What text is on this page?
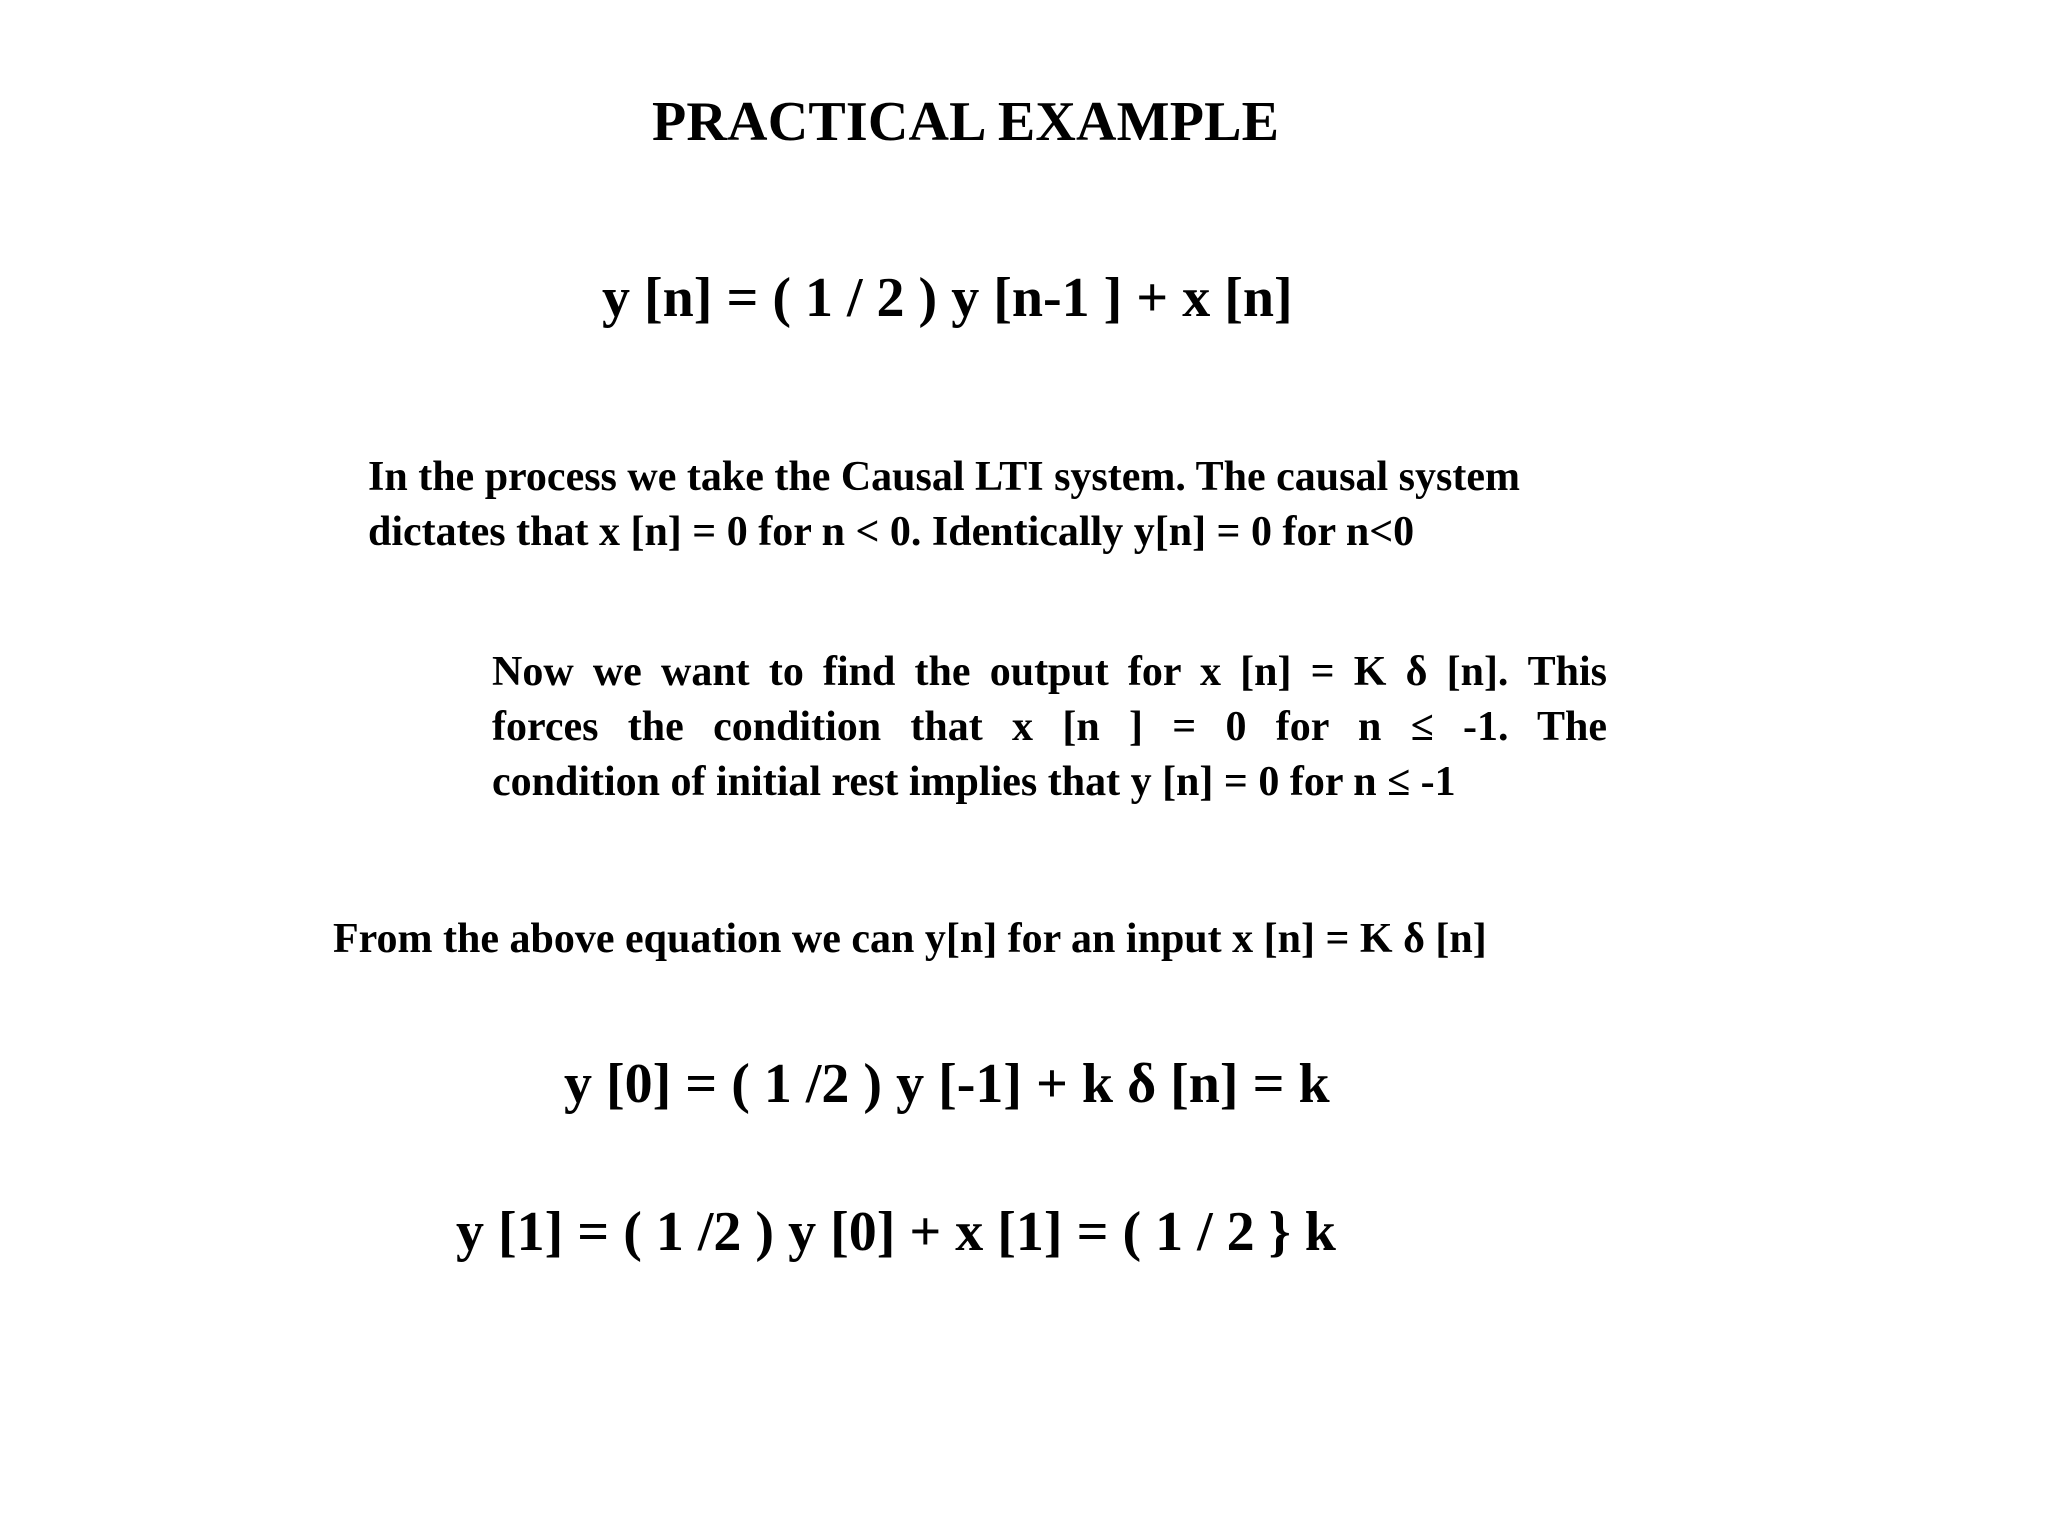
PRACTICAL EXAMPLE
y [n] = ( 1 / 2 ) y [n-1 ] + x [n]
In the process we take the Causal LTI system. The causal system
dictates that x [n] = 0 for n < 0. Identically y[n] = 0 for n<0
Now we want to find the output for x [n] = K δ [n]. This
forces the condition that x [n ] = 0 for n ≤ -1. The
condition of initial rest implies that y [n] = 0 for n ≤ -1
From the above equation we can y[n] for an input x [n] = K δ [n]
y [0] = ( 1 /2 ) y [-1] + k δ [n] = k
y [1] = ( 1 /2 ) y [0] + x [1] = ( 1 / 2 } k
